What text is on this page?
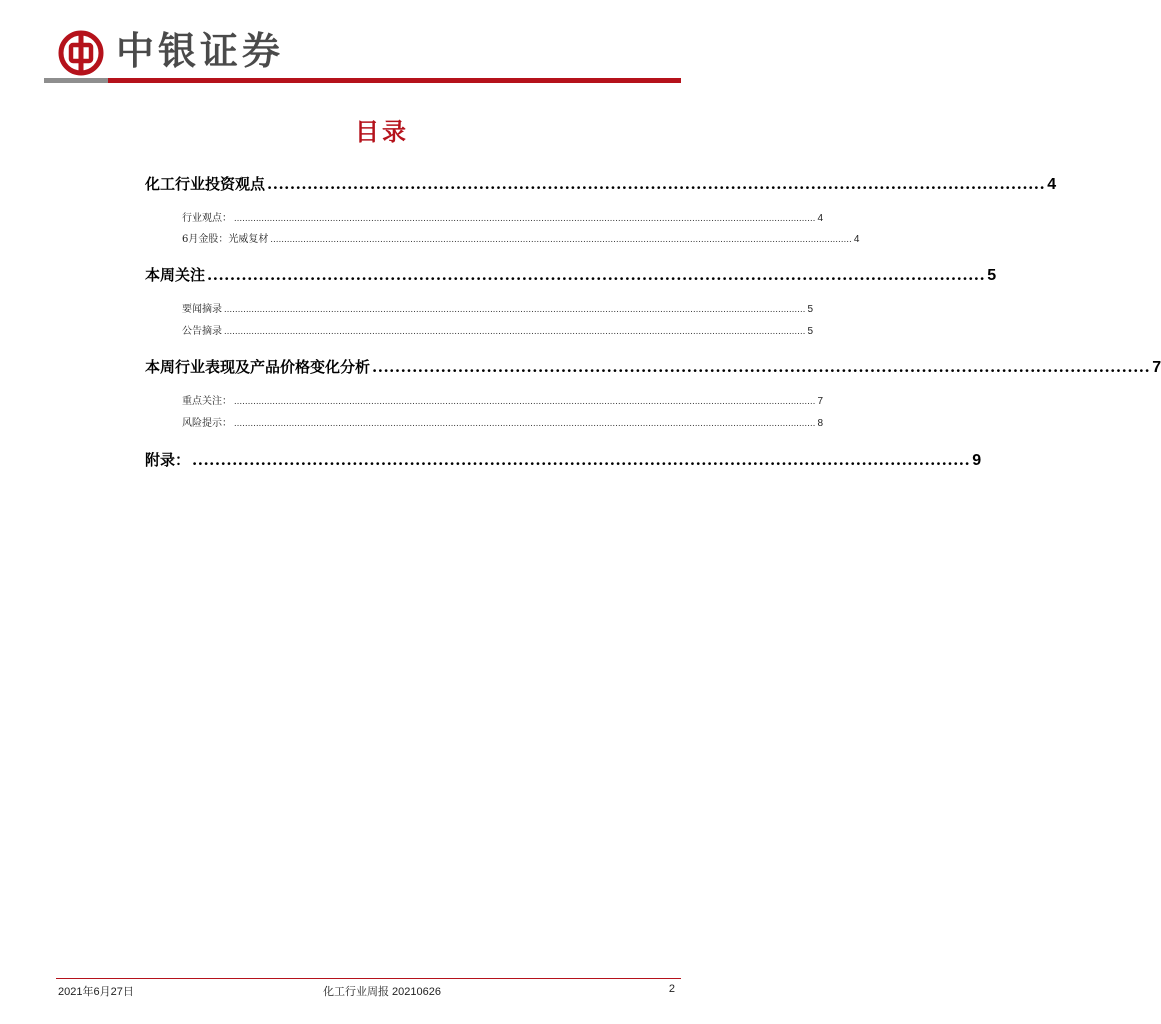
中银证券
目录
化工行业投资观点 ........................................................................................................................................ 4
行业观点： .................................................................................................................................................................................................................... 4
6月金股：光威复材 .................................................................................................................................................................................................................... 4
本周关注 ........................................................................................................................................ 5
要闻摘录 .................................................................................................................................................................................................................... 5
公告摘录 .................................................................................................................................................................................................................... 5
本周行业表现及产品价格变化分析 ........................................................................................................................................ 7
重点关注： .................................................................................................................................................................................................................... 7
风险提示： .................................................................................................................................................................................................................... 8
附录： ........................................................................................................................................ 9
2021年6月27日	化工行业周报 20210626	2
